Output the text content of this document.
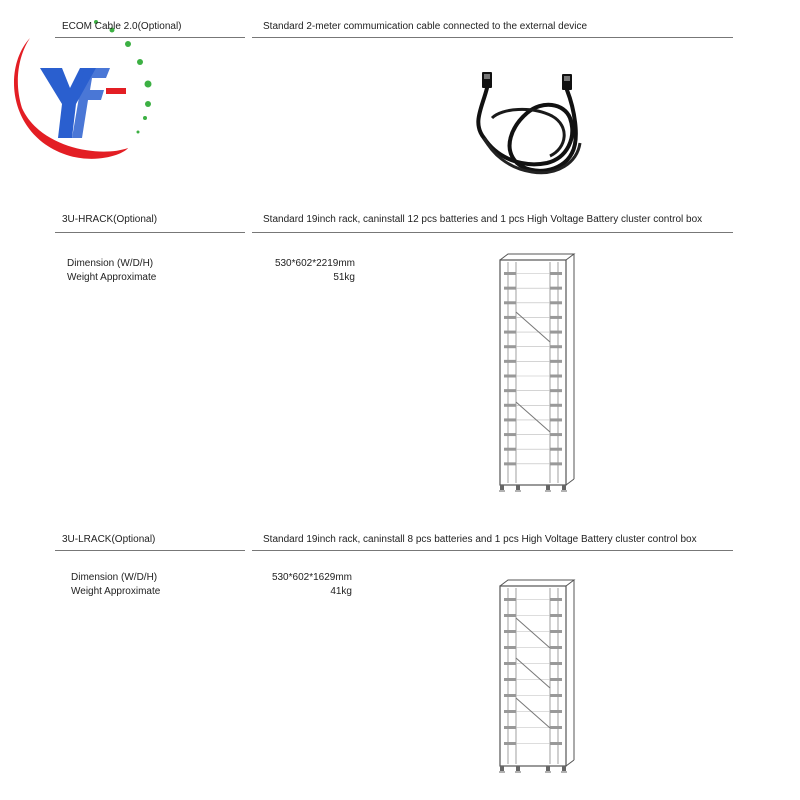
ECOM Cable 2.0(Optional)	Standard 2-meter commumication cable connected to the external device
3U-HRACK(Optional)	Standard 19inch rack, caninstall 12 pcs batteries and 1 pcs High Voltage Battery cluster control box
Dimension (W/D/H)	530*602*2219mm
Weight Approximate	51kg
3U-LRACK(Optional)	Standard 19inch rack, caninstall 8 pcs batteries and 1 pcs High Voltage Battery cluster control box
Dimension (W/D/H)	530*602*1629mm
Weight Approximate	41kg
